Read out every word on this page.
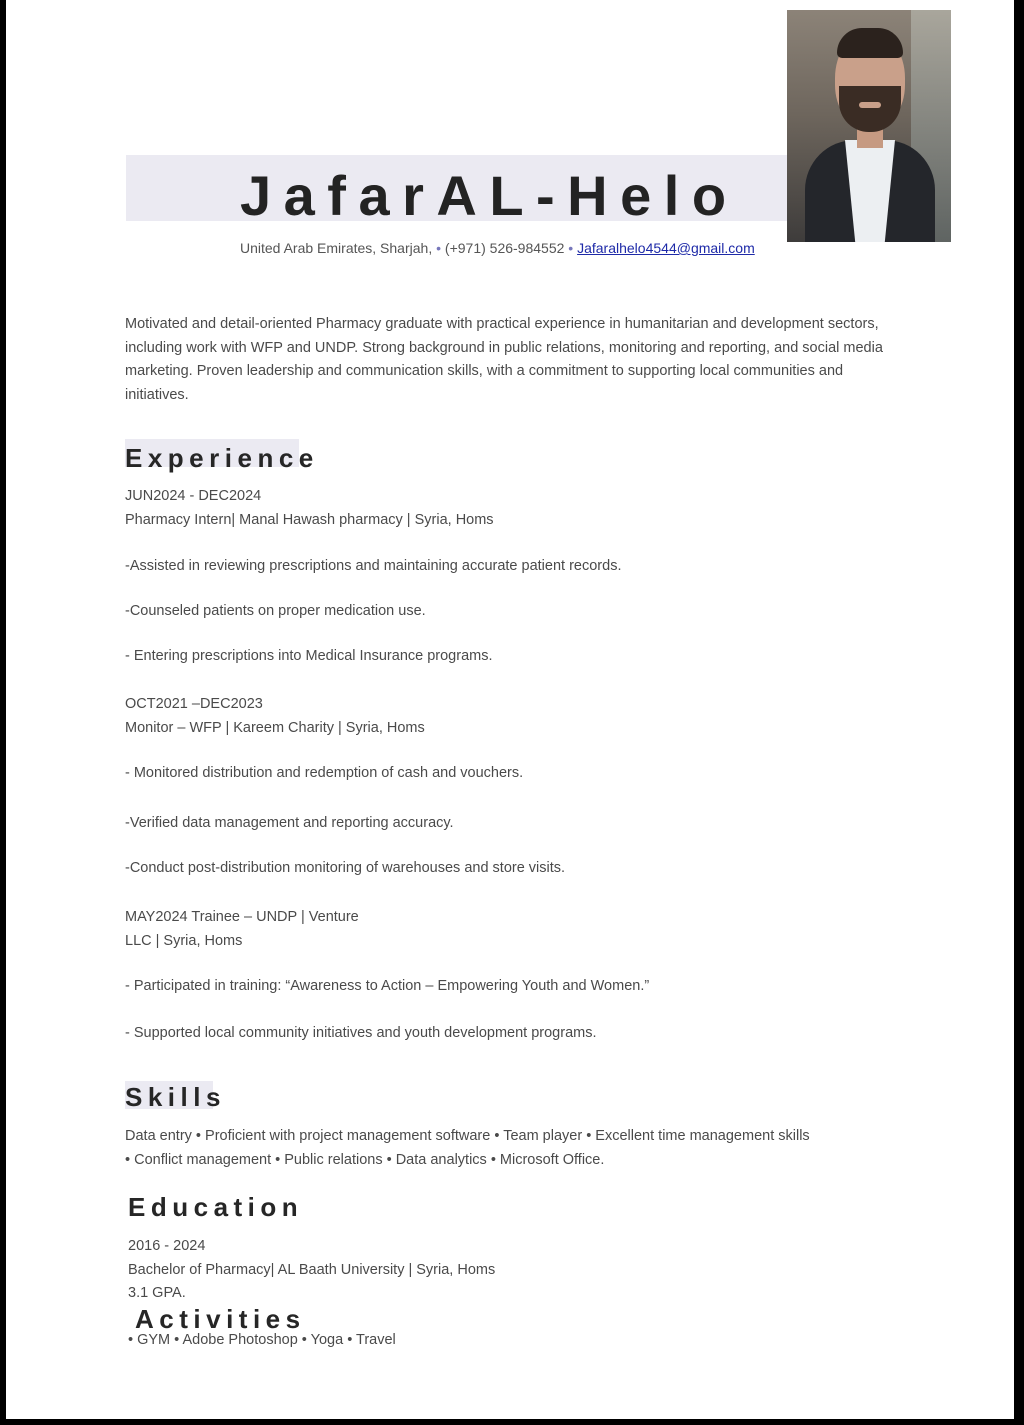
JafarAL-Helo
United Arab Emirates, Sharjah, • (+971) 526-984552 • Jafaralhelo4544@gmail.com
Motivated and detail-oriented Pharmacy graduate with practical experience in humanitarian and development sectors, including work with WFP and UNDP. Strong background in public relations, monitoring and reporting, and social media marketing. Proven leadership and communication skills, with a commitment to supporting local communities and initiatives.
Experience
JUN2024 - DEC2024
Pharmacy Intern| Manal Hawash pharmacy | Syria, Homs
-Assisted in reviewing prescriptions and maintaining accurate patient records.
-Counseled patients on proper medication use.
- Entering prescriptions into Medical Insurance programs.
OCT2021 –DEC2023
Monitor – WFP | Kareem Charity | Syria, Homs
- Monitored distribution and redemption of cash and vouchers.
-Verified data management and reporting accuracy.
-Conduct post-distribution monitoring of warehouses and store visits.
MAY2024 Trainee – UNDP | Venture
LLC | Syria, Homs
- Participated in training: “Awareness to Action – Empowering Youth and Women.”
- Supported local community initiatives and youth development programs.
Skills
Data entry • Proficient with project management software • Team player • Excellent time management skills
• Conflict management • Public relations • Data analytics • Microsoft Office.
Education
2016 - 2024
Bachelor of Pharmacy| AL Baath University | Syria, Homs
3.1 GPA.
Activities
• GYM • Adobe Photoshop • Yoga • Travel
